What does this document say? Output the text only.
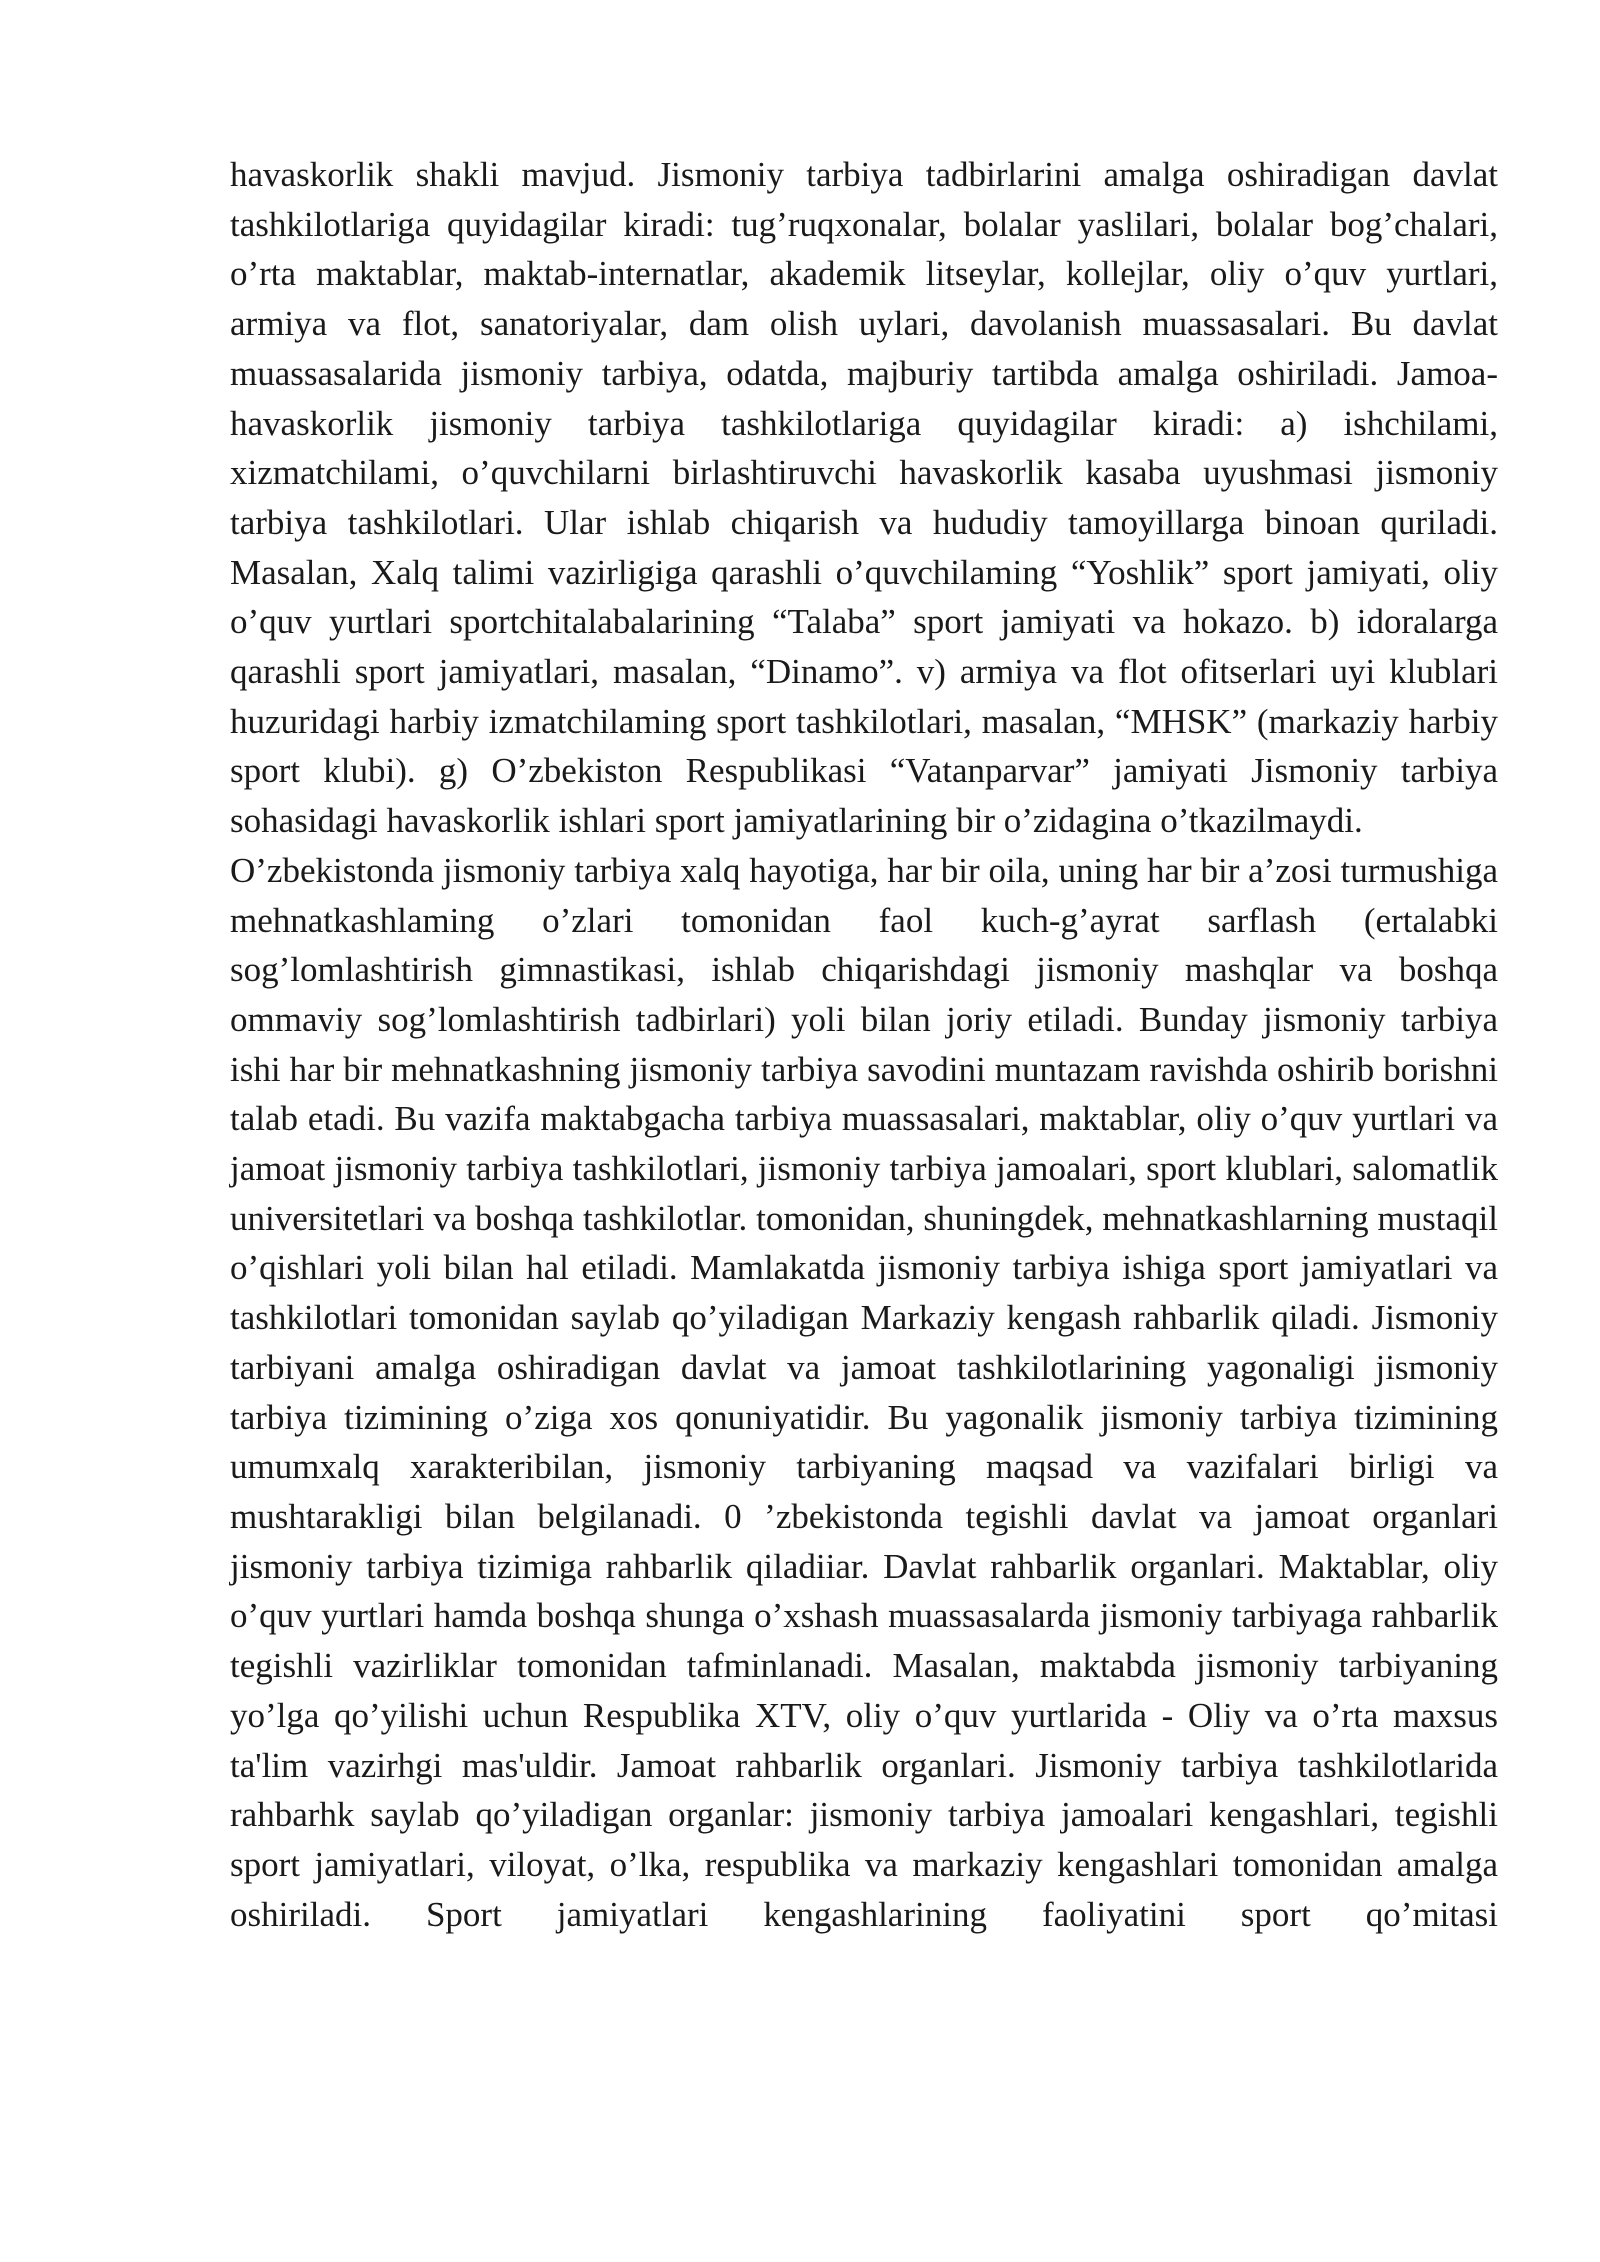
havaskorlik shakli mavjud. Jismoniy tarbiya tadbirlarini amalga oshiradigan davlat tashkilotlariga quyidagilar kiradi: tug’ruqxonalar, bolalar yaslilari, bolalar bog’chalari, o’rta maktablar, maktab-internatlar, akademik litseylar, kollejlar, oliy o’quv yurtlari, armiya va flot, sanatoriyalar, dam olish uylari, davolanish muassasalari. Bu davlat muassasalarida jismoniy tarbiya, odatda, majburiy tartibda amalga oshiriladi. Jamoa-havaskorlik jismoniy tarbiya tashkilotlariga quyidagilar kiradi: a) ishchilami, xizmatchilami, o’quvchilarni birlashtiruvchi havaskorlik kasaba uyushmasi jismoniy tarbiya tashkilotlari. Ular ishlab chiqarish va hududiy tamoyillarga binoan quriladi. Masalan, Xalq talimi vazirligiga qarashli o’quvchilaming “Yoshlik” sport jamiyati, oliy o’quv yurtlari sportchitalabalarining “Talaba” sport jamiyati va hokazo. b) idoralarga qarashli sport jamiyatlari, masalan, “Dinamo”. v) armiya va flot ofitserlari uyi klublari huzuridagi harbiy izmatchilaming sport tashkilotlari, masalan, “MHSK” (markaziy harbiy sport klubi). g) O’zbekiston Respublikasi “Vatanparvar” jamiyati Jismoniy tarbiya sohasidagi havaskorlik ishlari sport jamiyatlarining bir o’zidagina o’tkazilmaydi.

O’zbekistonda jismoniy tarbiya xalq hayotiga, har bir oila, uning har bir a’zosi turmushiga mehnatkashlaming o’zlari tomonidan faol kuch-g’ayrat sarflash (ertalabki sog’lomlashtirish gimnastikasi, ishlab chiqarishdagi jismoniy mashqlar va boshqa ommaviy sog’lomlashtirish tadbirlari) yoli bilan joriy etiladi. Bunday jismoniy tarbiya ishi har bir mehnatkashning jismoniy tarbiya savodini muntazam ravishda oshirib borishni talab etadi. Bu vazifa maktabgacha tarbiya muassasalari, maktablar, oliy o’quv yurtlari va jamoat jismoniy tarbiya tashkilotlari, jismoniy tarbiya jamoalari, sport klublari, salomatlik universitetlari va boshqa tashkilotlar. tomonidan, shuningdek, mehnatkashlarning mustaqil o’qishlari yoli bilan hal etiladi. Mamlakatda jismoniy tarbiya ishiga sport jamiyatlari va tashkilotlari tomonidan saylab qo’yiladigan Markaziy kengash rahbarlik qiladi. Jismoniy tarbiyani amalga oshiradigan davlat va jamoat tashkilotlarining yagonaligi jismoniy tarbiya tizimining o’ziga xos qonuniyatidir. Bu yagonalik jismoniy tarbiya tizimining umumxalq xarakteribilan, jismoniy tarbiyaning maqsad va vazifalari birligi va mushtarakligi bilan belgilanadi. 0 ’zbekistonda tegishli davlat va jamoat organlari jismoniy tarbiya tizimiga rahbarlik qiladiiar. Davlat rahbarlik organlari. Maktablar, oliy o’quv yurtlari hamda boshqa shunga o’xshash muassasalarda jismoniy tarbiyaga rahbarlik tegishli vazirliklar tomonidan tafminlanadi. Masalan, maktabda jismoniy tarbiyaning yo’lga qo’yilishi uchun Respublika XTV, oliy o’quv yurtlarida - Oliy va o’rta maxsus ta'lim vazirhgi mas'uldir. Jamoat rahbarlik organlari. Jismoniy tarbiya tashkilotlarida rahbarhk saylab qo’yiladigan organlar: jismoniy tarbiya jamoalari kengashlari, tegishli sport jamiyatlari, viloyat, o’lka, respublika va markaziy kengashlari tomonidan amalga oshiriladi. Sport jamiyatlari kengashlarining faoliyatini sport qo’mitasi
